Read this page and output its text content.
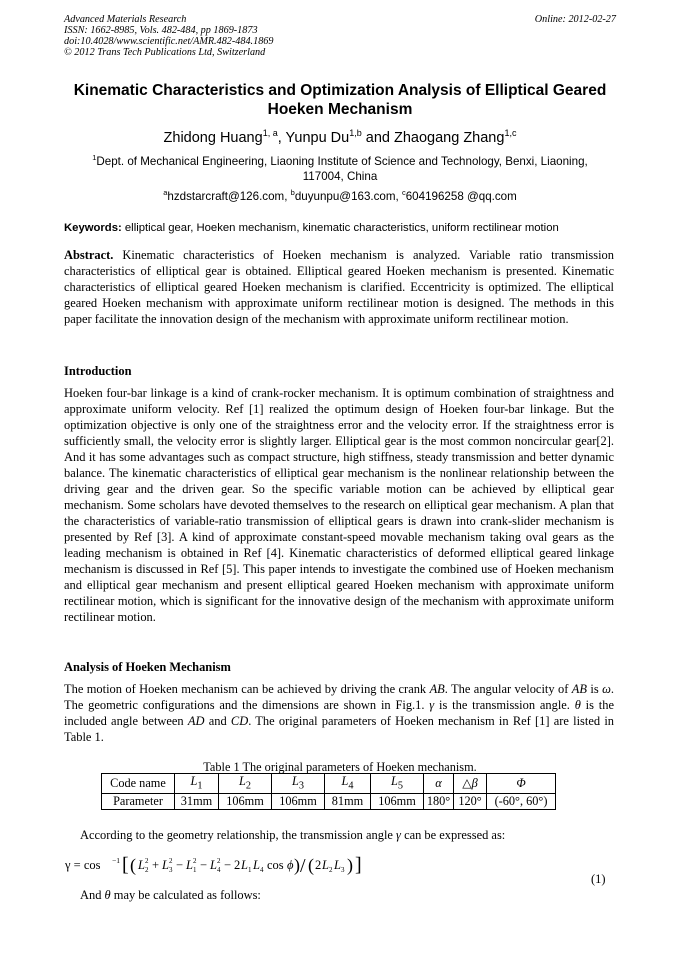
Advanced Materials Research
ISSN: 1662-8985, Vols. 482-484, pp 1869-1873
doi:10.4028/www.scientific.net/AMR.482-484.1869
© 2012 Trans Tech Publications Ltd, Switzerland
Online: 2012-02-27
Kinematic Characteristics and Optimization Analysis of Elliptical Geared
Hoeken Mechanism
Zhidong Huang$^{1, a}$, Yunpu Du$^{1,b}$ and Zhaogang Zhang$^{1,c}$
$^1$Dept. of Mechanical Engineering, Liaoning Institute of Science and Technology, Benxi, Liaoning,
117004, China
$^a$hzdstarcraft@126.com, $^b$duyunpu@163.com, $^c$604196258 @qq.com
Keywords: elliptical gear, Hoeken mechanism, kinematic characteristics, uniform rectilinear motion
Abstract. Kinematic characteristics of Hoeken mechanism is analyzed. Variable ratio transmission characteristics of elliptical gear is obtained. Elliptical geared Hoeken mechanism is presented. Kinematic characteristics of elliptical geared Hoeken mechanism is clarified. Eccentricity is optimized. The elliptical geared Hoeken mechanism with approximate uniform rectilinear motion is designed. The methods in this paper facilitate the innovation design of the mechanism with approximate uniform rectilinear motion.
Introduction
Hoeken four-bar linkage is a kind of crank-rocker mechanism. It is optimum combination of straightness and approximate uniform velocity. Ref [1] realized the optimum design of Hoeken four-bar linkage. But the optimization objective is only one of the straightness error and the velocity error. If the straightness error is sufficiently small, the velocity error is slightly larger. Elliptical gear is the most common noncircular gear[2]. And it has some advantages such as compact structure, high stiffness, steady transmission and better dynamic balance. The kinematic characteristics of elliptical gear mechanism is the nonlinear relationship between the driving gear and the driven gear. So the specific variable motion can be achieved by elliptical gear mechanism. Some scholars have devoted themselves to the research on elliptical gear mechanism. A plan that the characteristics of variable-ratio transmission of elliptical gears is drawn into crank-slider mechanism is presented by Ref [3]. A kind of approximate constant-speed movable mechanism taking oval gears as the leading mechanism is obtained in Ref [4]. Kinematic characteristics of deformed elliptical geared linkage mechanism is discussed in Ref [5]. This paper intends to investigate the combined use of Hoeken mechanism and elliptical gear mechanism and present elliptical geared Hoeken mechanism with approximate uniform rectilinear motion, which is significant for the innovative design of the mechanism with approximate uniform rectilinear motion.
Analysis of Hoeken Mechanism
The motion of Hoeken mechanism can be achieved by driving the crank AB. The angular velocity of AB is ω. The geometric configurations and the dimensions are shown in Fig.1. γ is the transmission angle. θ is the included angle between AD and CD. The original parameters of Hoeken mechanism in Ref [1] are listed in Table 1.
Table 1 The original parameters of Hoeken mechanism.
Code name	$L_1$	$L_2$	$L_3$	$L_4$	$L_5$	α	△β	Φ
Parameter	31mm	106mm	106mm	81mm	106mm	180°	120°	(-60°, 60°)
According to the geometry relationship, the transmission angle γ can be expressed as:
γ = cos −1 [ ( L 2
2 + L 3
2 − L 1
2 − L 4
2 − 2 L 1 L 4 cos ϕ ) / ( 2 L 2 L 3 ) ]
(1)
And θ may be calculated as follows:
